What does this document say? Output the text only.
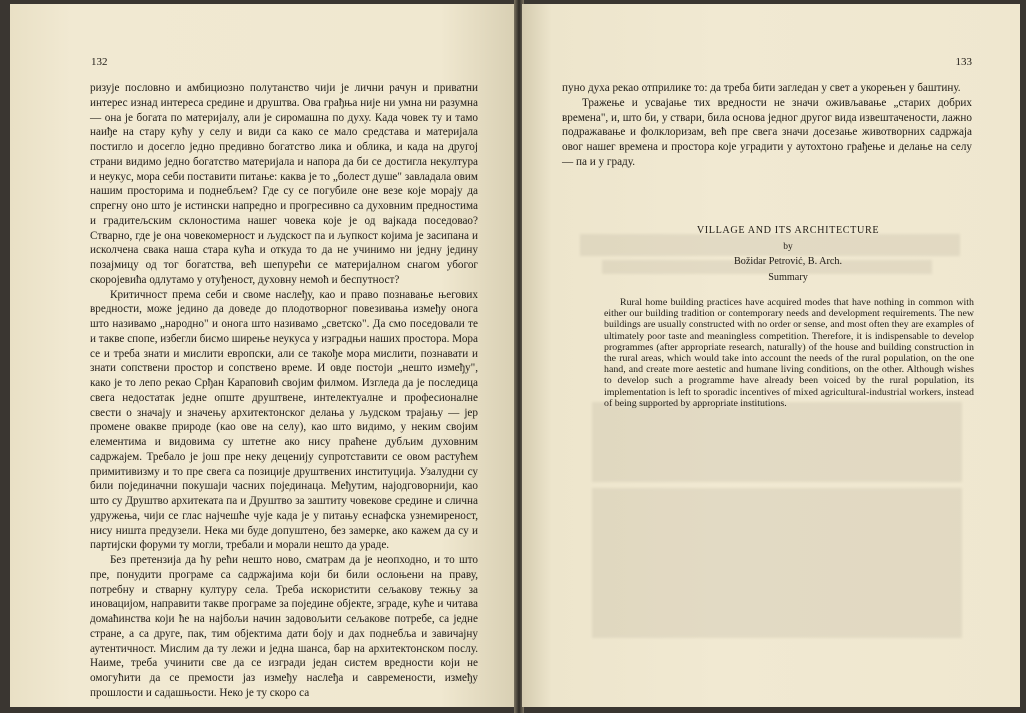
132

ризује пословно и амбициозно полутанство чији је лични рачун и приватни интерес изнад интереса средине и друштва. Ова грађња није ни умна ни разумна — она је богата по материјалу, али је сиромашна по духу. Када човек ту и тамо наиђе на стару кућу у селу и види са како се мало средстава и материјала постигло и досегло једно предивно богатство лика и облика, и када на другој страни видимо једно богатство материјала и напора да би се достигла некултура и неукус, мора себи поставити питање: каква је то „болест душе" завладала овим нашим просторима и поднебљем? Где су се погубиле оне везе које морају да спрегну оно што је истински напредно и прогресивно са духовним предностима и градитељским склоностима нашег човека које је од вајкада поседовао? Стварно, где је она човекомерност и људскост па и љупкост којима је засипана и исколчена свака наша стара кућа и откуда то да не учинимо ни једну једину позајмицу од тог богатства, већ шепурећи се материјалном снагом убогог скоројевића одлутамо у отуђеност, духовну немоћ и беспутност?

Критичност према себи и своме наслеђу, као и право познавање његових вредности, може једино да доведе до плодотворног повезивања између онога што називамо „народно" и онога што називамо „светско". Да смо поседовали те и такве спопе, избегли бисмо ширење неукуса у изградњи наших простора. Мора се и треба знати и мислити европски, али се такође мора мислити, познавати и знати сопствени простор и сопствено време. И овде постоји „нешто између", како је то лепо рекао Срђан Караповић својим филмом. Изгледа да је последица свега недостатак једне опште друштвене, интелектуалне и професионалне свести о значају и значењу архитектонског делања у људском трајању — јер промене овакве природе (као ове на селу), као што видимо, у неким својим елементима и видовима су штетне ако нису праћене дубљим духовним садржајем. Требало је још пре неку деценију супротставити се овом растућем примитивизму и то пре свега са позиције друштвених институција. Узалудни су били појединачни покушаји часних појединаца. Међутим, најодговорнији, као што су Друштво архитеката па и Друштво за заштиту човекове средине и слична удружења, чији се глас најчешће чује када је у питању еснафска узнемиреност, нису ништа предузели. Нека ми буде допуштено, без замерке, ако кажем да су и партијски форуми ту могли, требали и морали нешто да ураде.

Без претензија да ћу рећи нешто ново, сматрам да је неопходно, и то што пре, понудити програме са садржајима који би били ослоњени на праву, потребну и стварну културу села. Треба искористити сељакову тежњу за иновацијом, направити такве програме за поједине објекте, зграде, куће и читава домаћинства који ће на најбољи начин задовољити сељакове потребе, са једне стране, а са друге, пак, тим објектима дати боју и дах поднебља и завичајну аутентичност. Мислим да ту лежи и једна шанса, бар на архитектонском послу. Наиме, треба учинити све да се изгради један систем вредности који не омогућити да се премости јаз између наслеђа и савремености, између прошлости и садашњости. Неко је ту скоро са

133

пуно духа рекао отприлике то: да треба бити загледан у свет а укорењен у баштину.

Тражење и усвајање тих вредности не значи оживљавање „старих добрих времена", и, што би, у ствари, била основа једног другог вида извештачености, лажно подражавање и фолклоризам, већ пре свега значи досезање животворних садржаја овог нашег времена и простора које уградити у аутохтоно грађење и делање на селу — па и у граду.

VILLAGE AND ITS ARCHITECTURE
by
Božidar Petrović, B. Arch.
Summary

Rural home building practices have acquired modes that have nothing in common with either our building tradition or contemporary needs and development requirements. The new buildings are usually constructed with no order or sense, and most often they are examples of ultimately poor taste and meaningless competition. Therefore, it is indispensable to develop programmes (after appropriate research, naturally) of the house and building construction in the rural areas, which would take into account the needs of the rural population, on the one hand, and create more aestetic and humane living conditions, on the other. Although wishes to develop such a programme have already been voiced by the rural population, its implementation is left to sporadic incentives of mixed agricultural-industrial workers, instead of being supported by appropriate institutions.
